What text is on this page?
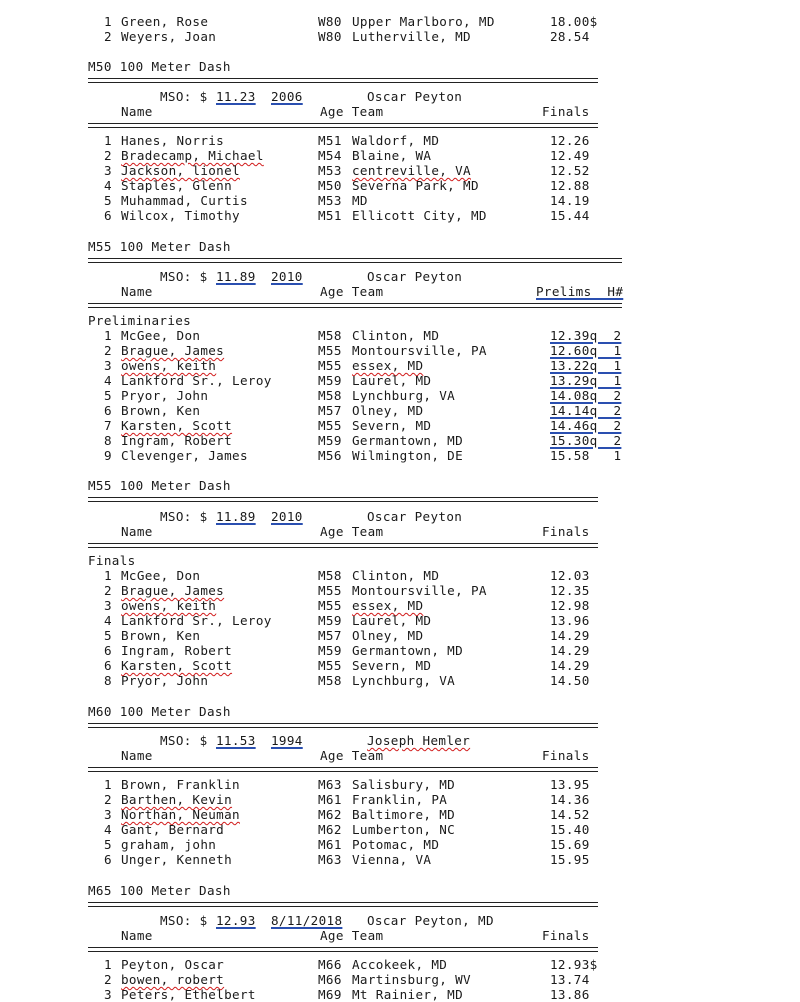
1 Green, Rose	W80 Upper Marlboro, MD	18.00$
2 Weyers, Joan	W80 Lutherville, MD	28.54
M50 100 Meter Dash
MSO: $ 11.23 2006	Oscar Peyton
Name	Age Team	Finals
1 Hanes, Norris	M51 Waldorf, MD	12.26
2 Bradecamp, Michael	M54 Blaine, WA	12.49
3 Jackson, lionel	M53 centreville, VA	12.52
4 Staples, Glenn	M50 Severna Park, MD	12.88
5 Muhammad, Curtis	M53 MD	14.19
6 Wilcox, Timothy	M51 Ellicott City, MD	15.44
M55 100 Meter Dash
MSO: $ 11.89 2010	Oscar Peyton
Name	Age Team	Prelims  H#
Preliminaries
1 McGee, Don	M58 Clinton, MD	12.39q  2
2 Brague, James	M55 Montoursville, PA	12.60q  1
3 owens, keith	M55 essex, MD	13.22q  1
4 Lankford Sr., Leroy	M59 Laurel, MD	13.29q  1
5 Pryor, John	M58 Lynchburg, VA	14.08q  2
6 Brown, Ken	M57 Olney, MD	14.14q  2
7 Karsten, Scott	M55 Severn, MD	14.46q  2
8 Ingram, Robert	M59 Germantown, MD	15.30q  2
9 Clevenger, James	M56 Wilmington, DE	15.58   1
M55 100 Meter Dash
MSO: $ 11.89 2010	Oscar Peyton
Name	Age Team	Finals
Finals
1 McGee, Don	M58 Clinton, MD	12.03
2 Brague, James	M55 Montoursville, PA	12.35
3 owens, keith	M55 essex, MD	12.98
4 Lankford Sr., Leroy	M59 Laurel, MD	13.96
5 Brown, Ken	M57 Olney, MD	14.29
6 Ingram, Robert	M59 Germantown, MD	14.29
6 Karsten, Scott	M55 Severn, MD	14.29
8 Pryor, John	M58 Lynchburg, VA	14.50
M60 100 Meter Dash
MSO: $ 11.53 1994	Joseph Hemler
Name	Age Team	Finals
1 Brown, Franklin	M63 Salisbury, MD	13.95
2 Barthen, Kevin	M61 Franklin, PA	14.36
3 Northan, Neuman	M62 Baltimore, MD	14.52
4 Gant, Bernard	M62 Lumberton, NC	15.40
5 graham, john	M61 Potomac, MD	15.69
6 Unger, Kenneth	M63 Vienna, VA	15.95
M65 100 Meter Dash
MSO: $ 12.93 8/11/2018 Oscar Peyton, MD
Name	Age Team	Finals
1 Peyton, Oscar	M66 Accokeek, MD	12.93$
2 bowen, robert	M66 Martinsburg, WV	13.74
3 Peters, Ethelbert	M69 Mt Rainier, MD	13.86
